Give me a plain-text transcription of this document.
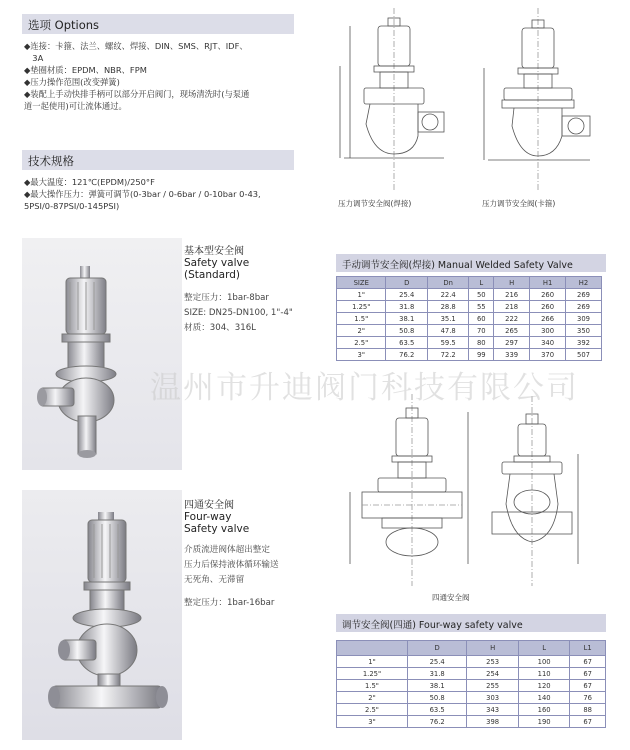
选项 Options
◆连接：卡箍、法兰、螺纹、焊接、DIN、SMS、RJT、IDF、
　3A
◆垫圈材质：EPDM、NBR、FPM
◆压力操作范围(改变弹簧)
◆装配上手动快排手柄可以部分开启阀门，现场清洗时(与泵通
道一起使用)可让流体通过。
技术规格
◆最大温度：121℃(EPDM)/250°F
◆最大操作压力：弹簧可调节(0-3bar / 0-6bar / 0-10bar 0-43,
5PSI/0-87PSI/0-145PSI)
基本型安全阀
Safety valve
(Standard)
整定压力：1bar-8bar
SIZE: DN25-DN100, 1"-4"
材质：304、316L
四通安全阀
Four-way
Safety valve
介质流进阀体超出整定
压力后保持液体循环输送
无死角、无滞留
整定压力：1bar-16bar
压力调节安全阀(焊接)	压力调节安全阀(卡箍)
手动调节安全阀(焊接) Manual Welded Safety Valve
SIZE	D	Dn	L	H	H1	H2
1"	25.4	22.4	50	216	260	269
1.25"	31.8	28.8	55	218	260	269
1.5"	38.1	35.1	60	222	266	309
2"	50.8	47.8	70	265	300	350
2.5"	63.5	59.5	80	297	340	392
3"	76.2	72.2	99	339	370	507
四通安全阀
调节安全阀(四通) Four-way safety valve
	D	H	L	L1
1"	25.4	253	100	67
1.25"	31.8	254	110	67
1.5"	38.1	255	120	67
2"	50.8	303	140	76
2.5"	63.5	343	160	88
3"	76.2	398	190	67
温州市升迪阀门科技有限公司
